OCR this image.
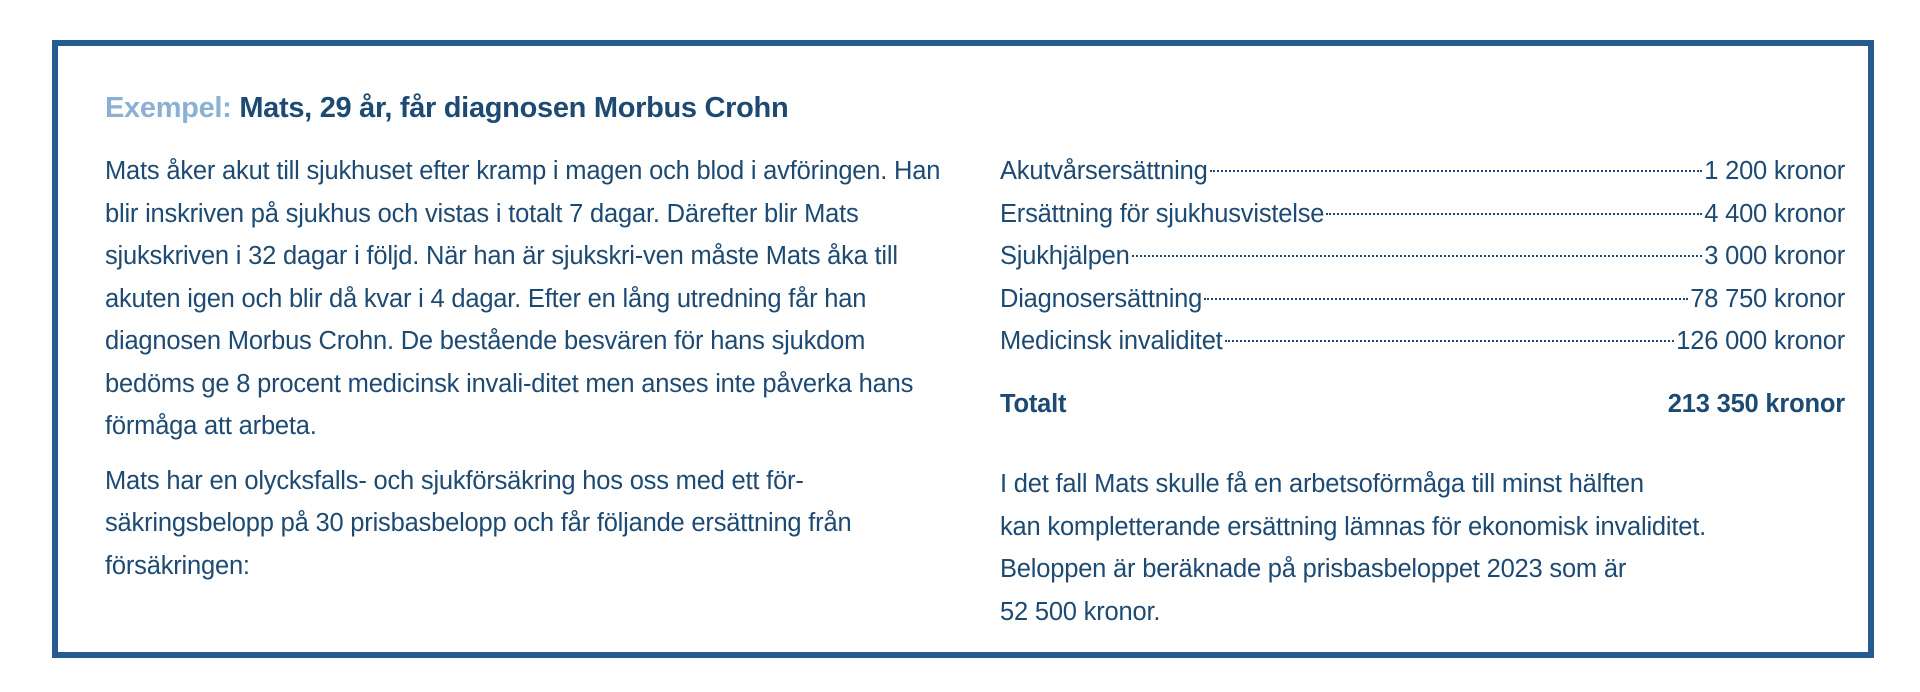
Exempel: Mats, 29 år, får diagnosen Morbus Crohn

Mats åker akut till sjukhuset efter kramp i magen och blod i avföringen. Han blir inskriven på sjukhus och vistas i totalt 7 dagar. Därefter blir Mats sjukskriven i 32 dagar i följd. När han är sjukskri-ven måste Mats åka till akuten igen och blir då kvar i 4 dagar. Efter en lång utredning får han diagnosen Morbus Crohn. De bestående besvären för hans sjukdom bedöms ge 8 procent medicinsk invali-ditet men anses inte påverka hans förmåga att arbeta.

Mats har en olycksfalls- och sjukförsäkring hos oss med ett för-säkringsbelopp på 30 prisbasbelopp och får följande ersättning från försäkringen:

Akutvårsersättning	1 200 kronor
Ersättning för sjukhusvistelse	4 400 kronor
Sjukhjälpen	3 000 kronor
Diagnosersättning	78 750 kronor
Medicinsk invaliditet	126 000 kronor
Totalt	213 350 kronor

I det fall Mats skulle få en arbetsoförmåga till minst hälften
kan kompletterande ersättning lämnas för ekonomisk invaliditet.
Beloppen är beräknade på prisbasbeloppet 2023 som är
52 500 kronor.
